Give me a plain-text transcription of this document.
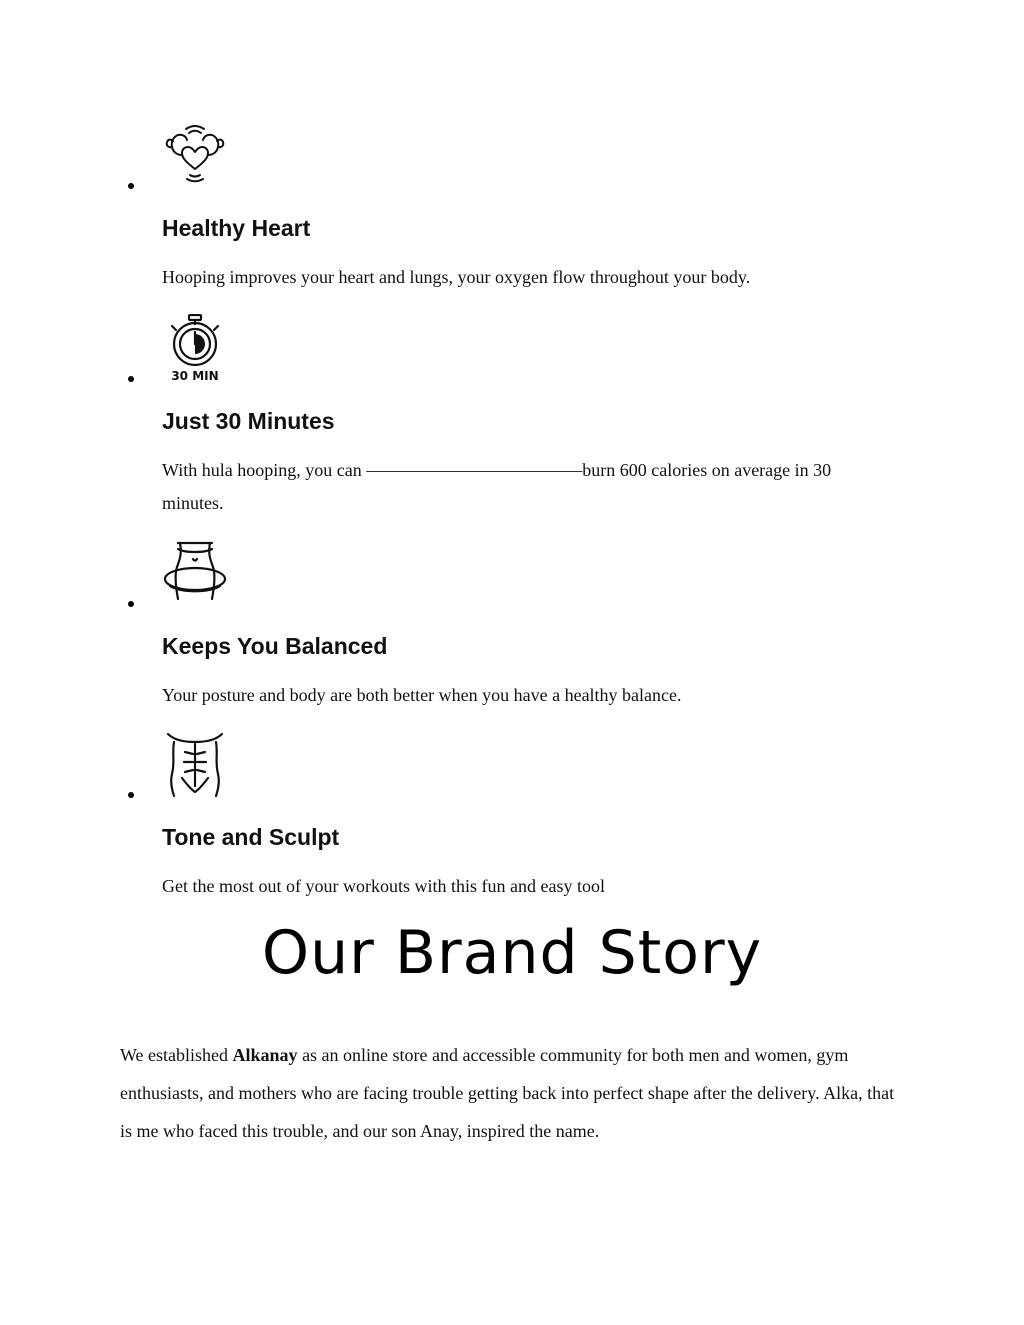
Healthy Heart

Hooping improves your heart and lungs, your oxygen flow throughout your body.

30 MIN
Just 30 Minutes

With hula hooping, you can ————————————burn 600 calories on average in 30 minutes.

Keeps You Balanced

Your posture and body are both better when you have a healthy balance.

Tone and Sculpt

Get the most out of your workouts with this fun and easy tool

Our Brand Story

We established Alkanay as an online store and accessible community for both men and women, gym enthusiasts, and mothers who are facing trouble getting back into perfect shape after the delivery. Alka, that is me who faced this trouble, and our son Anay, inspired the name.
